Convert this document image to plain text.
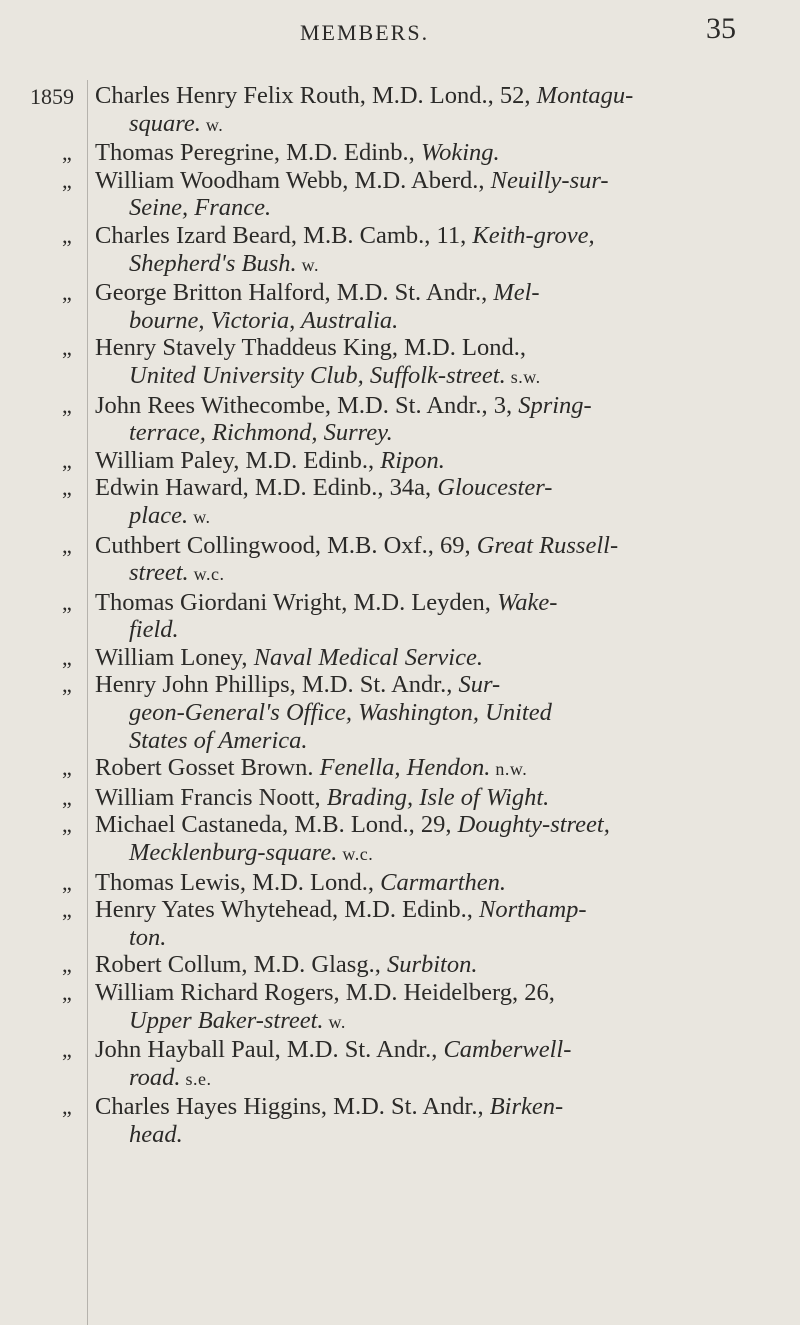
MEMBERS.	35
1859 Charles Henry Felix Routh, M.D. Lond., 52, Montagu-
square. w.
„ Thomas Peregrine, M.D. Edinb., Woking.
„ William Woodham Webb, M.D. Aberd., Neuilly-sur-
Seine, France.
„ Charles Izard Beard, M.B. Camb., 11, Keith-grove,
Shepherd's Bush. w.
„ George Britton Halford, M.D. St. Andr., Mel-
bourne, Victoria, Australia.
„ Henry Stavely Thaddeus King, M.D. Lond.,
United University Club, Suffolk-street. s.w.
„ John Rees Withecombe, M.D. St. Andr., 3, Spring-
terrace, Richmond, Surrey.
„ William Paley, M.D. Edinb., Ripon.
„ Edwin Haward, M.D. Edinb., 34a, Gloucester-
place. w.
„ Cuthbert Collingwood, M.B. Oxf., 69, Great Russell-
street. w.c.
„ Thomas Giordani Wright, M.D. Leyden, Wake-
field.
„ William Loney, Naval Medical Service.
„ Henry John Phillips, M.D. St. Andr., Sur-
geon-General's Office, Washington, United
States of America.
„ Robert Gosset Brown. Fenella, Hendon. n.w.
„ William Francis Noott, Brading, Isle of Wight.
„ Michael Castaneda, M.B. Lond., 29, Doughty-street,
Mecklenburg-square. w.c.
„ Thomas Lewis, M.D. Lond., Carmarthen.
„ Henry Yates Whytehead, M.D. Edinb., Northamp-
ton.
„ Robert Collum, M.D. Glasg., Surbiton.
„ William Richard Rogers, M.D. Heidelberg, 26,
Upper Baker-street. w.
„ John Hayball Paul, M.D. St. Andr., Camberwell-
road. s.e.
„ Charles Hayes Higgins, M.D. St. Andr., Birken-
head.
